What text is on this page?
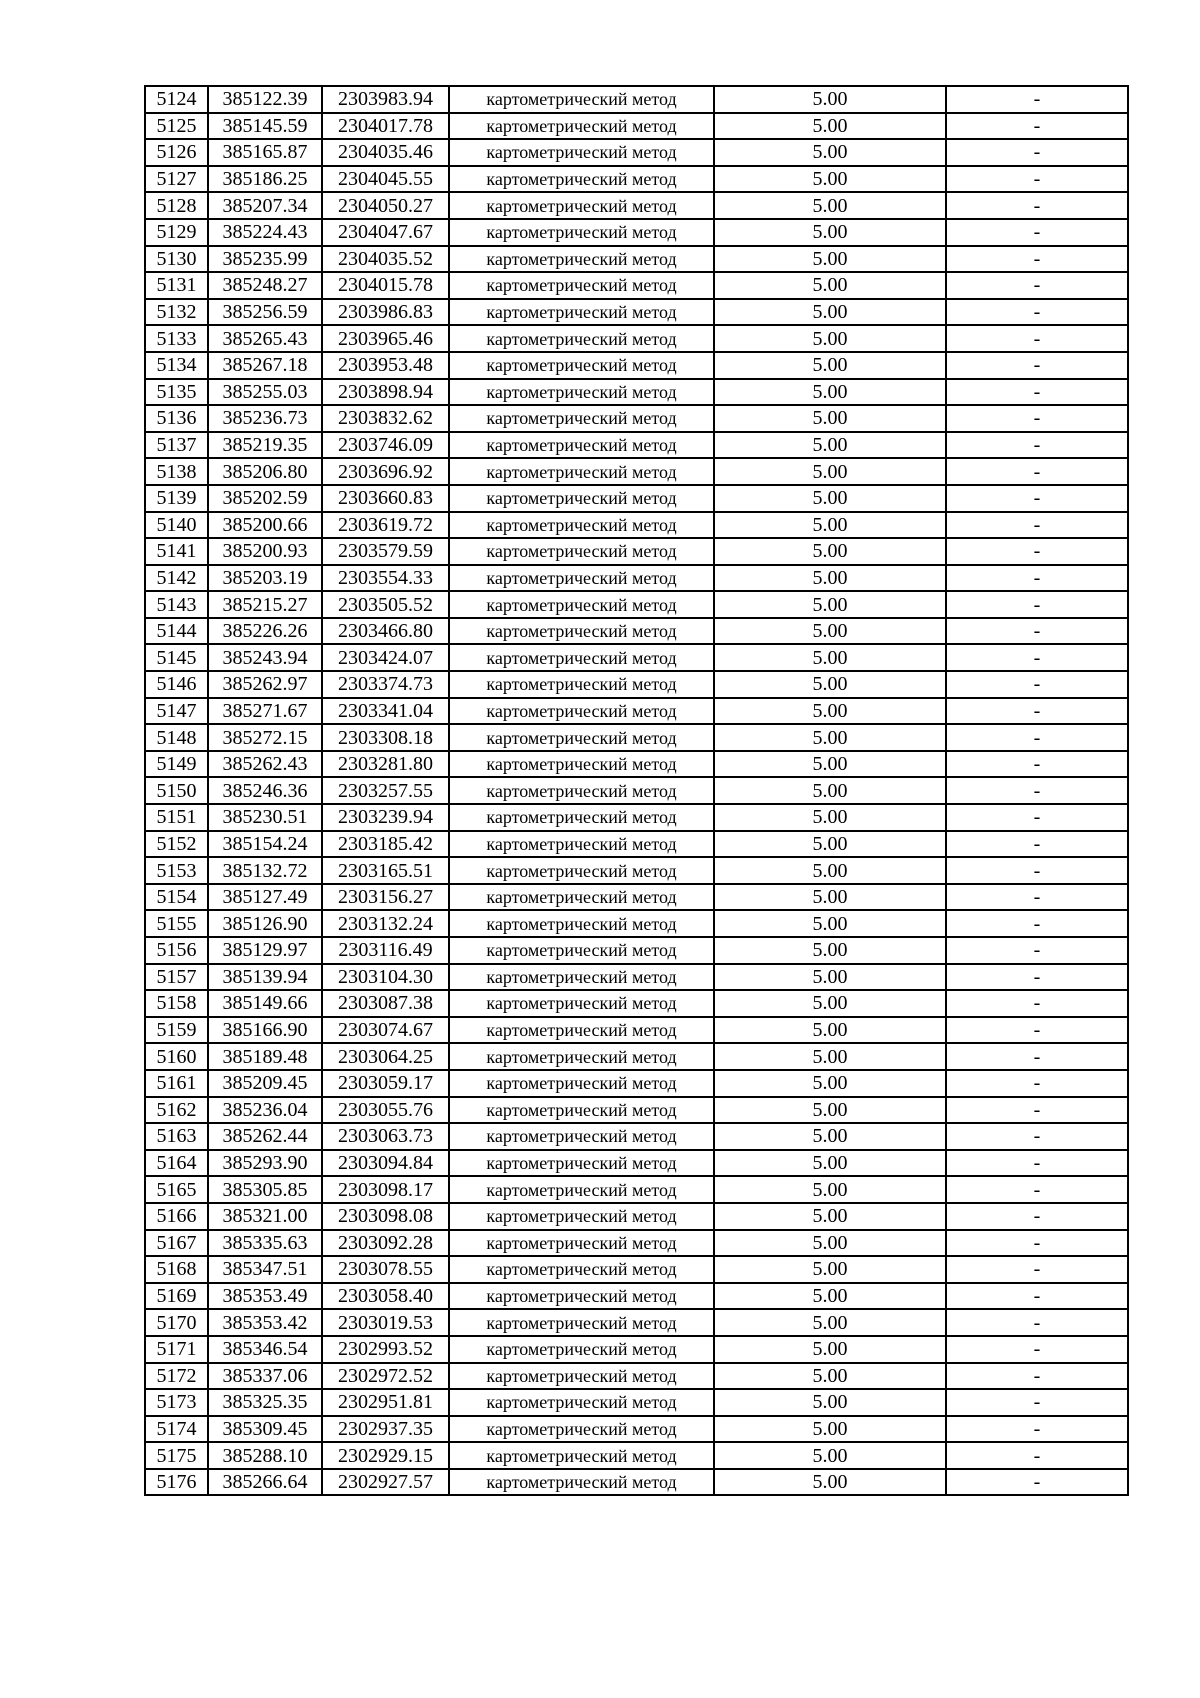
5124	385122.39	2303983.94	картометрический метод	5.00	-
5125	385145.59	2304017.78	картометрический метод	5.00	-
5126	385165.87	2304035.46	картометрический метод	5.00	-
5127	385186.25	2304045.55	картометрический метод	5.00	-
5128	385207.34	2304050.27	картометрический метод	5.00	-
5129	385224.43	2304047.67	картометрический метод	5.00	-
5130	385235.99	2304035.52	картометрический метод	5.00	-
5131	385248.27	2304015.78	картометрический метод	5.00	-
5132	385256.59	2303986.83	картометрический метод	5.00	-
5133	385265.43	2303965.46	картометрический метод	5.00	-
5134	385267.18	2303953.48	картометрический метод	5.00	-
5135	385255.03	2303898.94	картометрический метод	5.00	-
5136	385236.73	2303832.62	картометрический метод	5.00	-
5137	385219.35	2303746.09	картометрический метод	5.00	-
5138	385206.80	2303696.92	картометрический метод	5.00	-
5139	385202.59	2303660.83	картометрический метод	5.00	-
5140	385200.66	2303619.72	картометрический метод	5.00	-
5141	385200.93	2303579.59	картометрический метод	5.00	-
5142	385203.19	2303554.33	картометрический метод	5.00	-
5143	385215.27	2303505.52	картометрический метод	5.00	-
5144	385226.26	2303466.80	картометрический метод	5.00	-
5145	385243.94	2303424.07	картометрический метод	5.00	-
5146	385262.97	2303374.73	картометрический метод	5.00	-
5147	385271.67	2303341.04	картометрический метод	5.00	-
5148	385272.15	2303308.18	картометрический метод	5.00	-
5149	385262.43	2303281.80	картометрический метод	5.00	-
5150	385246.36	2303257.55	картометрический метод	5.00	-
5151	385230.51	2303239.94	картометрический метод	5.00	-
5152	385154.24	2303185.42	картометрический метод	5.00	-
5153	385132.72	2303165.51	картометрический метод	5.00	-
5154	385127.49	2303156.27	картометрический метод	5.00	-
5155	385126.90	2303132.24	картометрический метод	5.00	-
5156	385129.97	2303116.49	картометрический метод	5.00	-
5157	385139.94	2303104.30	картометрический метод	5.00	-
5158	385149.66	2303087.38	картометрический метод	5.00	-
5159	385166.90	2303074.67	картометрический метод	5.00	-
5160	385189.48	2303064.25	картометрический метод	5.00	-
5161	385209.45	2303059.17	картометрический метод	5.00	-
5162	385236.04	2303055.76	картометрический метод	5.00	-
5163	385262.44	2303063.73	картометрический метод	5.00	-
5164	385293.90	2303094.84	картометрический метод	5.00	-
5165	385305.85	2303098.17	картометрический метод	5.00	-
5166	385321.00	2303098.08	картометрический метод	5.00	-
5167	385335.63	2303092.28	картометрический метод	5.00	-
5168	385347.51	2303078.55	картометрический метод	5.00	-
5169	385353.49	2303058.40	картометрический метод	5.00	-
5170	385353.42	2303019.53	картометрический метод	5.00	-
5171	385346.54	2302993.52	картометрический метод	5.00	-
5172	385337.06	2302972.52	картометрический метод	5.00	-
5173	385325.35	2302951.81	картометрический метод	5.00	-
5174	385309.45	2302937.35	картометрический метод	5.00	-
5175	385288.10	2302929.15	картометрический метод	5.00	-
5176	385266.64	2302927.57	картометрический метод	5.00	-
